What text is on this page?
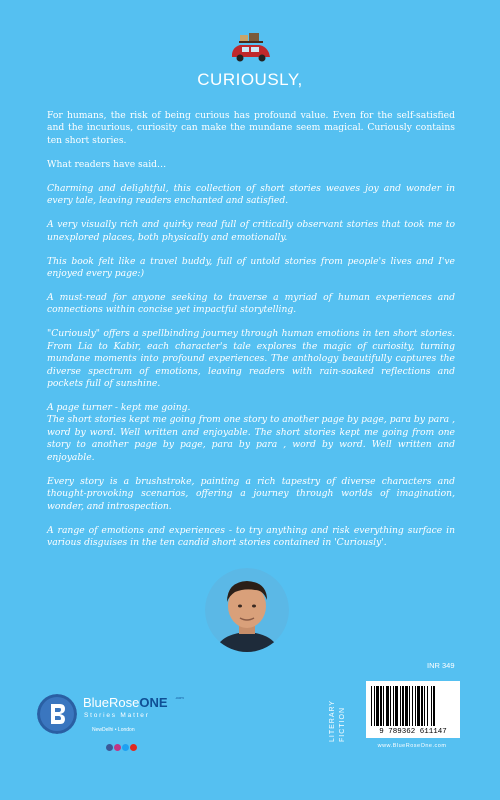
CURIOUSLY,

For humans, the risk of being curious has profound value. Even for the self-satisfied and the incurious, curiosity can make the mundane seem magical. Curiously contains ten short stories.

What readers have said…

Charming and delightful, this collection of short stories weaves joy and wonder in every tale, leaving readers enchanted and satisfied.

A very visually rich and quirky read full of critically observant stories that took me to unexplored places, both physically and emotionally.

This book felt like a travel buddy, full of untold stories from people's lives and I've enjoyed every page:)

A must-read for anyone seeking to traverse a myriad of human experiences and connections within concise yet impactful storytelling.

"Curiously" offers a spellbinding journey through human emotions in ten short stories. From Lia to Kabir, each character's tale explores the magic of curiosity, turning mundane moments into profound experiences. The anthology beautifully captures the diverse spectrum of emotions, leaving readers with rain-soaked reflections and pockets full of sunshine.

A page turner - kept me going.
The short stories kept me going from one story to another page by page, para by para , word by word. Well written and enjoyable. The short stories kept me going from one story to another page by page, para by para , word by word. Well written and enjoyable.

Every story is a brushstroke, painting a rich tapestry of diverse characters and thought-provoking scenarios, offering a journey through worlds of imagination, wonder, and introspection.

A range of emotions and experiences - to try anything and risk everything surface in various disguises in the ten candid short stories contained in 'Curiously'.

INR 349
LITERARY FICTION	9 789362 611147
www.BlueRoseOne.com
BlueRoseONE .com
Stories Matter
NewDelhi • London
